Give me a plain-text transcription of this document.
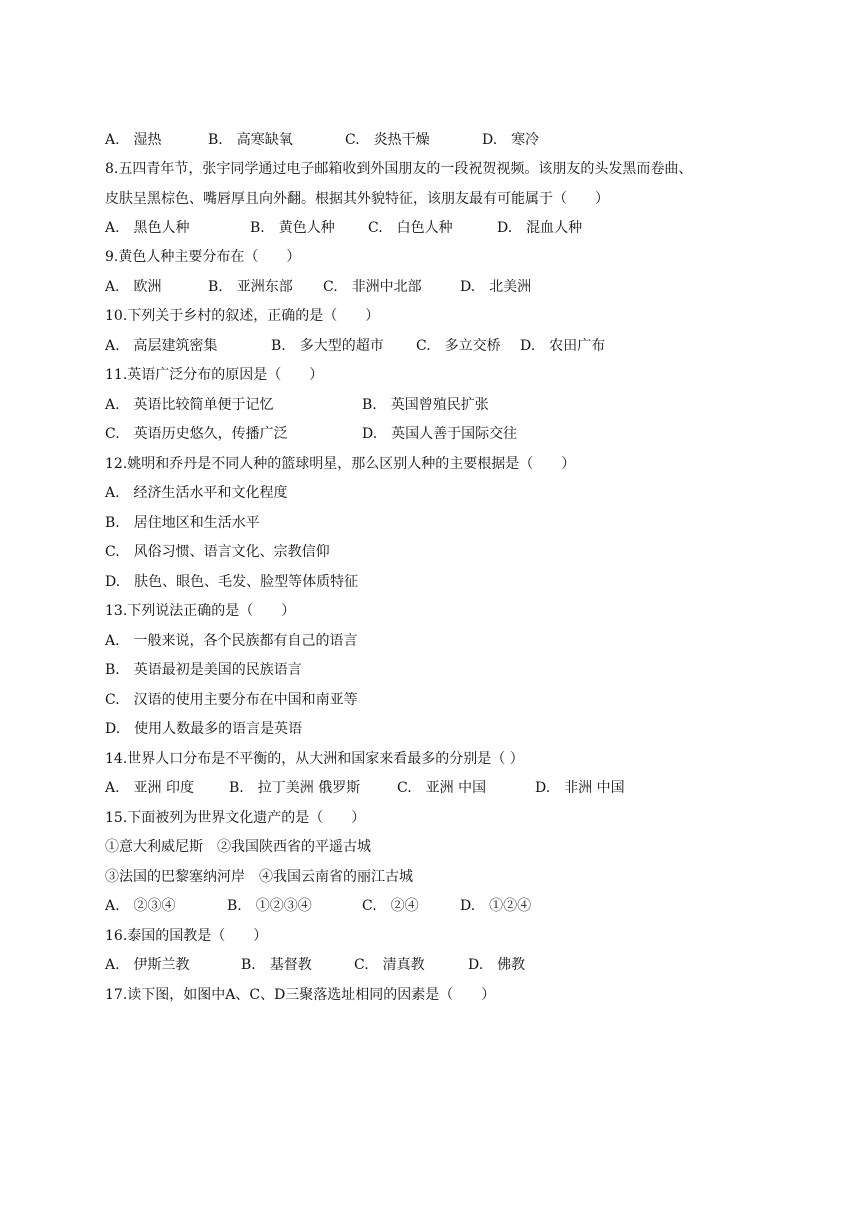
A.　湿热	B.　高寒缺氧	C.　炎热干燥	D.　寒冷
8.五四青年节，张宇同学通过电子邮箱收到外国朋友的一段祝贺视频。该朋友的头发黑而卷曲、
皮肤呈黑棕色、嘴唇厚且向外翻。根据其外貌特征，该朋友最有可能属于（　　）
A.　黑色人种	B.　黄色人种 C.　白色人种	D.　混血人种
9.黄色人种主要分布在（　　）
A.　欧洲	B.　亚洲东部 C.　非洲中北部	D.　北美洲
10.下列关于乡村的叙述，正确的是（　　）
A.　高层建筑密集	B.　多大型的超市 C.　多立交桥 D.　农田广布
11.英语广泛分布的原因是（　　）
A.　英语比较简单便于记忆	B.　英国曾殖民扩张
C.　英语历史悠久，传播广泛	D.　英国人善于国际交往
12.姚明和乔丹是不同人种的篮球明星，那么区别人种的主要根据是（　　）
A.　经济生活水平和文化程度
B.　居住地区和生活水平
C.　风俗习惯、语言文化、宗教信仰
D.　肤色、眼色、毛发、脸型等体质特征
13.下列说法正确的是（　　）
A.　一般来说，各个民族都有自己的语言
B.　英语最初是美国的民族语言
C.　汉语的使用主要分布在中国和南亚等
D.　使用人数最多的语言是英语
14.世界人口分布是不平衡的，从大洲和国家来看最多的分别是（ ）
A.　亚洲 印度 B.　拉丁美洲 俄罗斯	C.　亚洲 中国	D.　非洲 中国
15.下面被列为世界文化遗产的是（　　）
①意大利威尼斯　②我国陕西省的平遥古城
③法国的巴黎塞纳河岸　④我国云南省的丽江古城
A.　②③④	B.　①②③④	C.　②④	D.　①②④
16.泰国的国教是（　　）
A.　伊斯兰教	B.　基督教	C.　清真教	D.　佛教
17.读下图，如图中A、C、D三聚落选址相同的因素是（　　）
